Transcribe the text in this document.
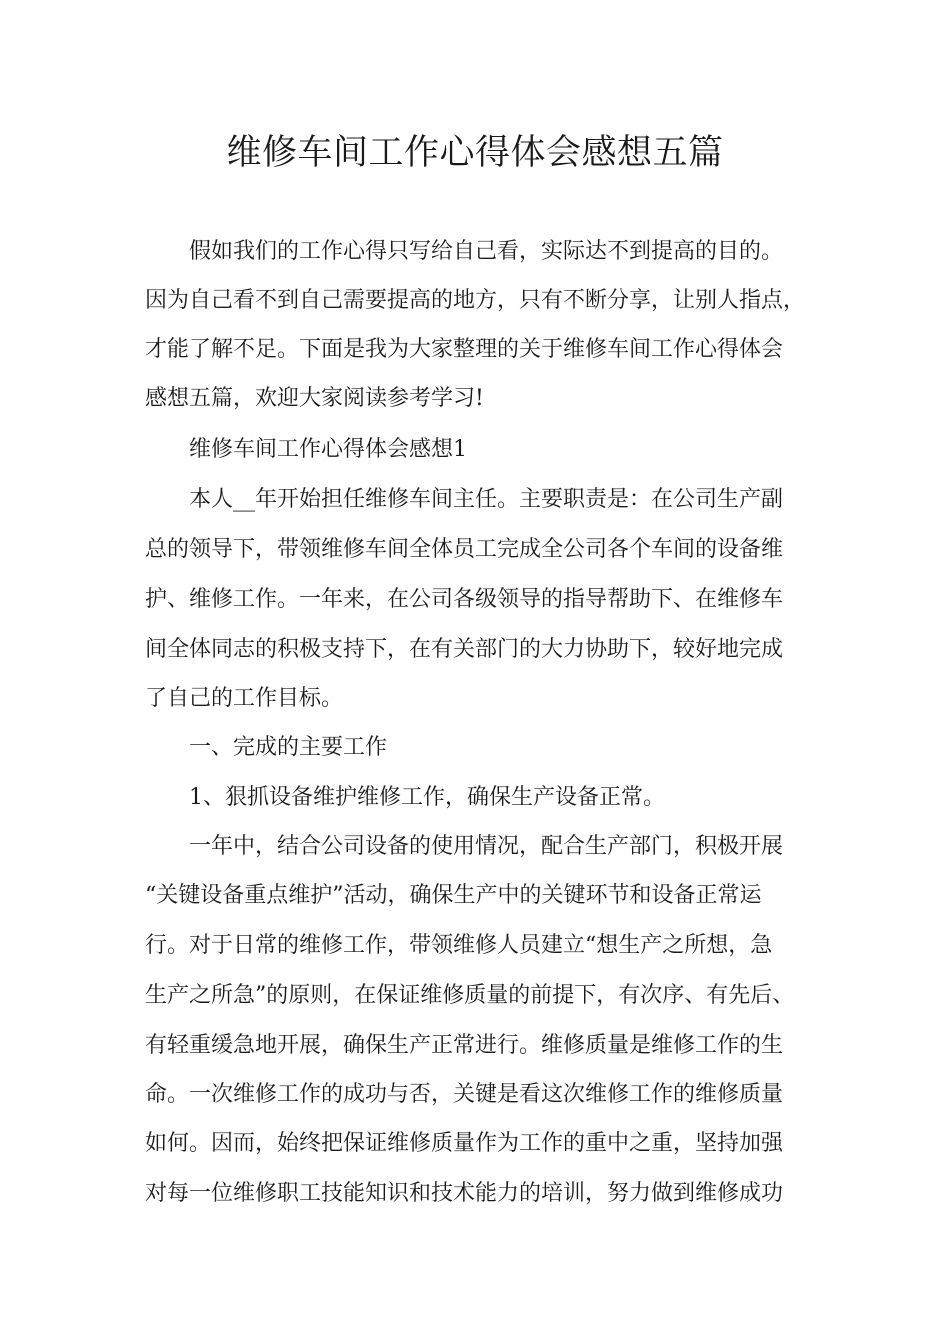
维修车间工作心得体会感想五篇
假如我们的工作心得只写给自己看，实际达不到提高的目的。
因为自己看不到自己需要提高的地方，只有不断分享，让别人指点，
才能了解不足。下面是我为大家整理的关于维修车间工作心得体会
感想五篇，欢迎大家阅读参考学习!
维修车间工作心得体会感想1
本人__年开始担任维修车间主任。主要职责是：在公司生产副
总的领导下，带领维修车间全体员工完成全公司各个车间的设备维
护、维修工作。一年来，在公司各级领导的指导帮助下、在维修车
间全体同志的积极支持下，在有关部门的大力协助下，较好地完成
了自己的工作目标。
一、完成的主要工作
1、狠抓设备维护维修工作，确保生产设备正常。
一年中，结合公司设备的使用情况，配合生产部门，积极开展
“关键设备重点维护”活动，确保生产中的关键环节和设备正常运
行。对于日常的维修工作，带领维修人员建立“想生产之所想，急
生产之所急”的原则，在保证维修质量的前提下，有次序、有先后、
有轻重缓急地开展，确保生产正常进行。维修质量是维修工作的生
命。一次维修工作的成功与否，关键是看这次维修工作的维修质量
如何。因而，始终把保证维修质量作为工作的重中之重，坚持加强
对每一位维修职工技能知识和技术能力的培训，努力做到维修成功
